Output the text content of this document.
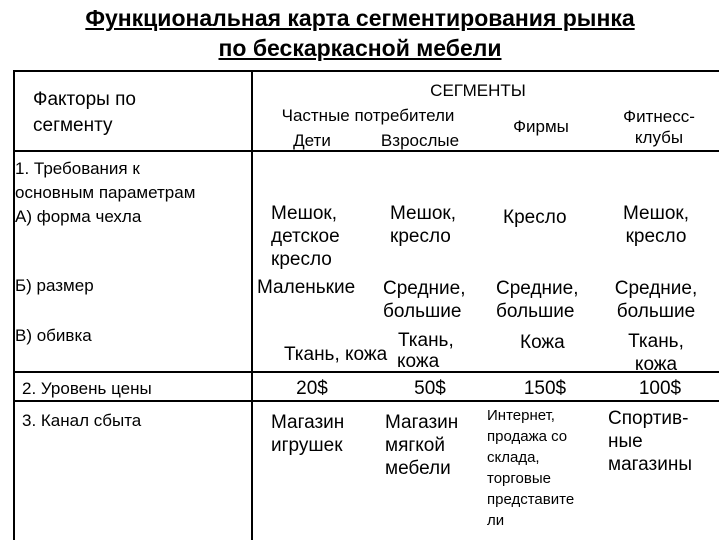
Функциональная карта сегментирования рынка
по бескаркасной мебели
Факторы по
сегменту
СЕГМЕНТЫ
Частные потребители
Дети	Взрослые
Фирмы
Фитнесс-
клубы
1. Требования к
основным параметрам
А) форма чехла
Б) размер
В) обивка
2. Уровень цены
3. Канал сбыта
Мешок,
детское
кресло
Маленькие
Ткань, кожа
20$
Магазин
игрушек
Мешок,
кресло
Средние,
большие
Ткань,
кожа
50$
Магазин
мягкой
мебели
Кресло
Средние,
большие
Кожа
150$
Интернет,
продажа со
склада,
торговые
представите
ли
Мешок,
кресло
Средние,
большие
Ткань,
кожа
100$
Спортив-
ные
магазины
